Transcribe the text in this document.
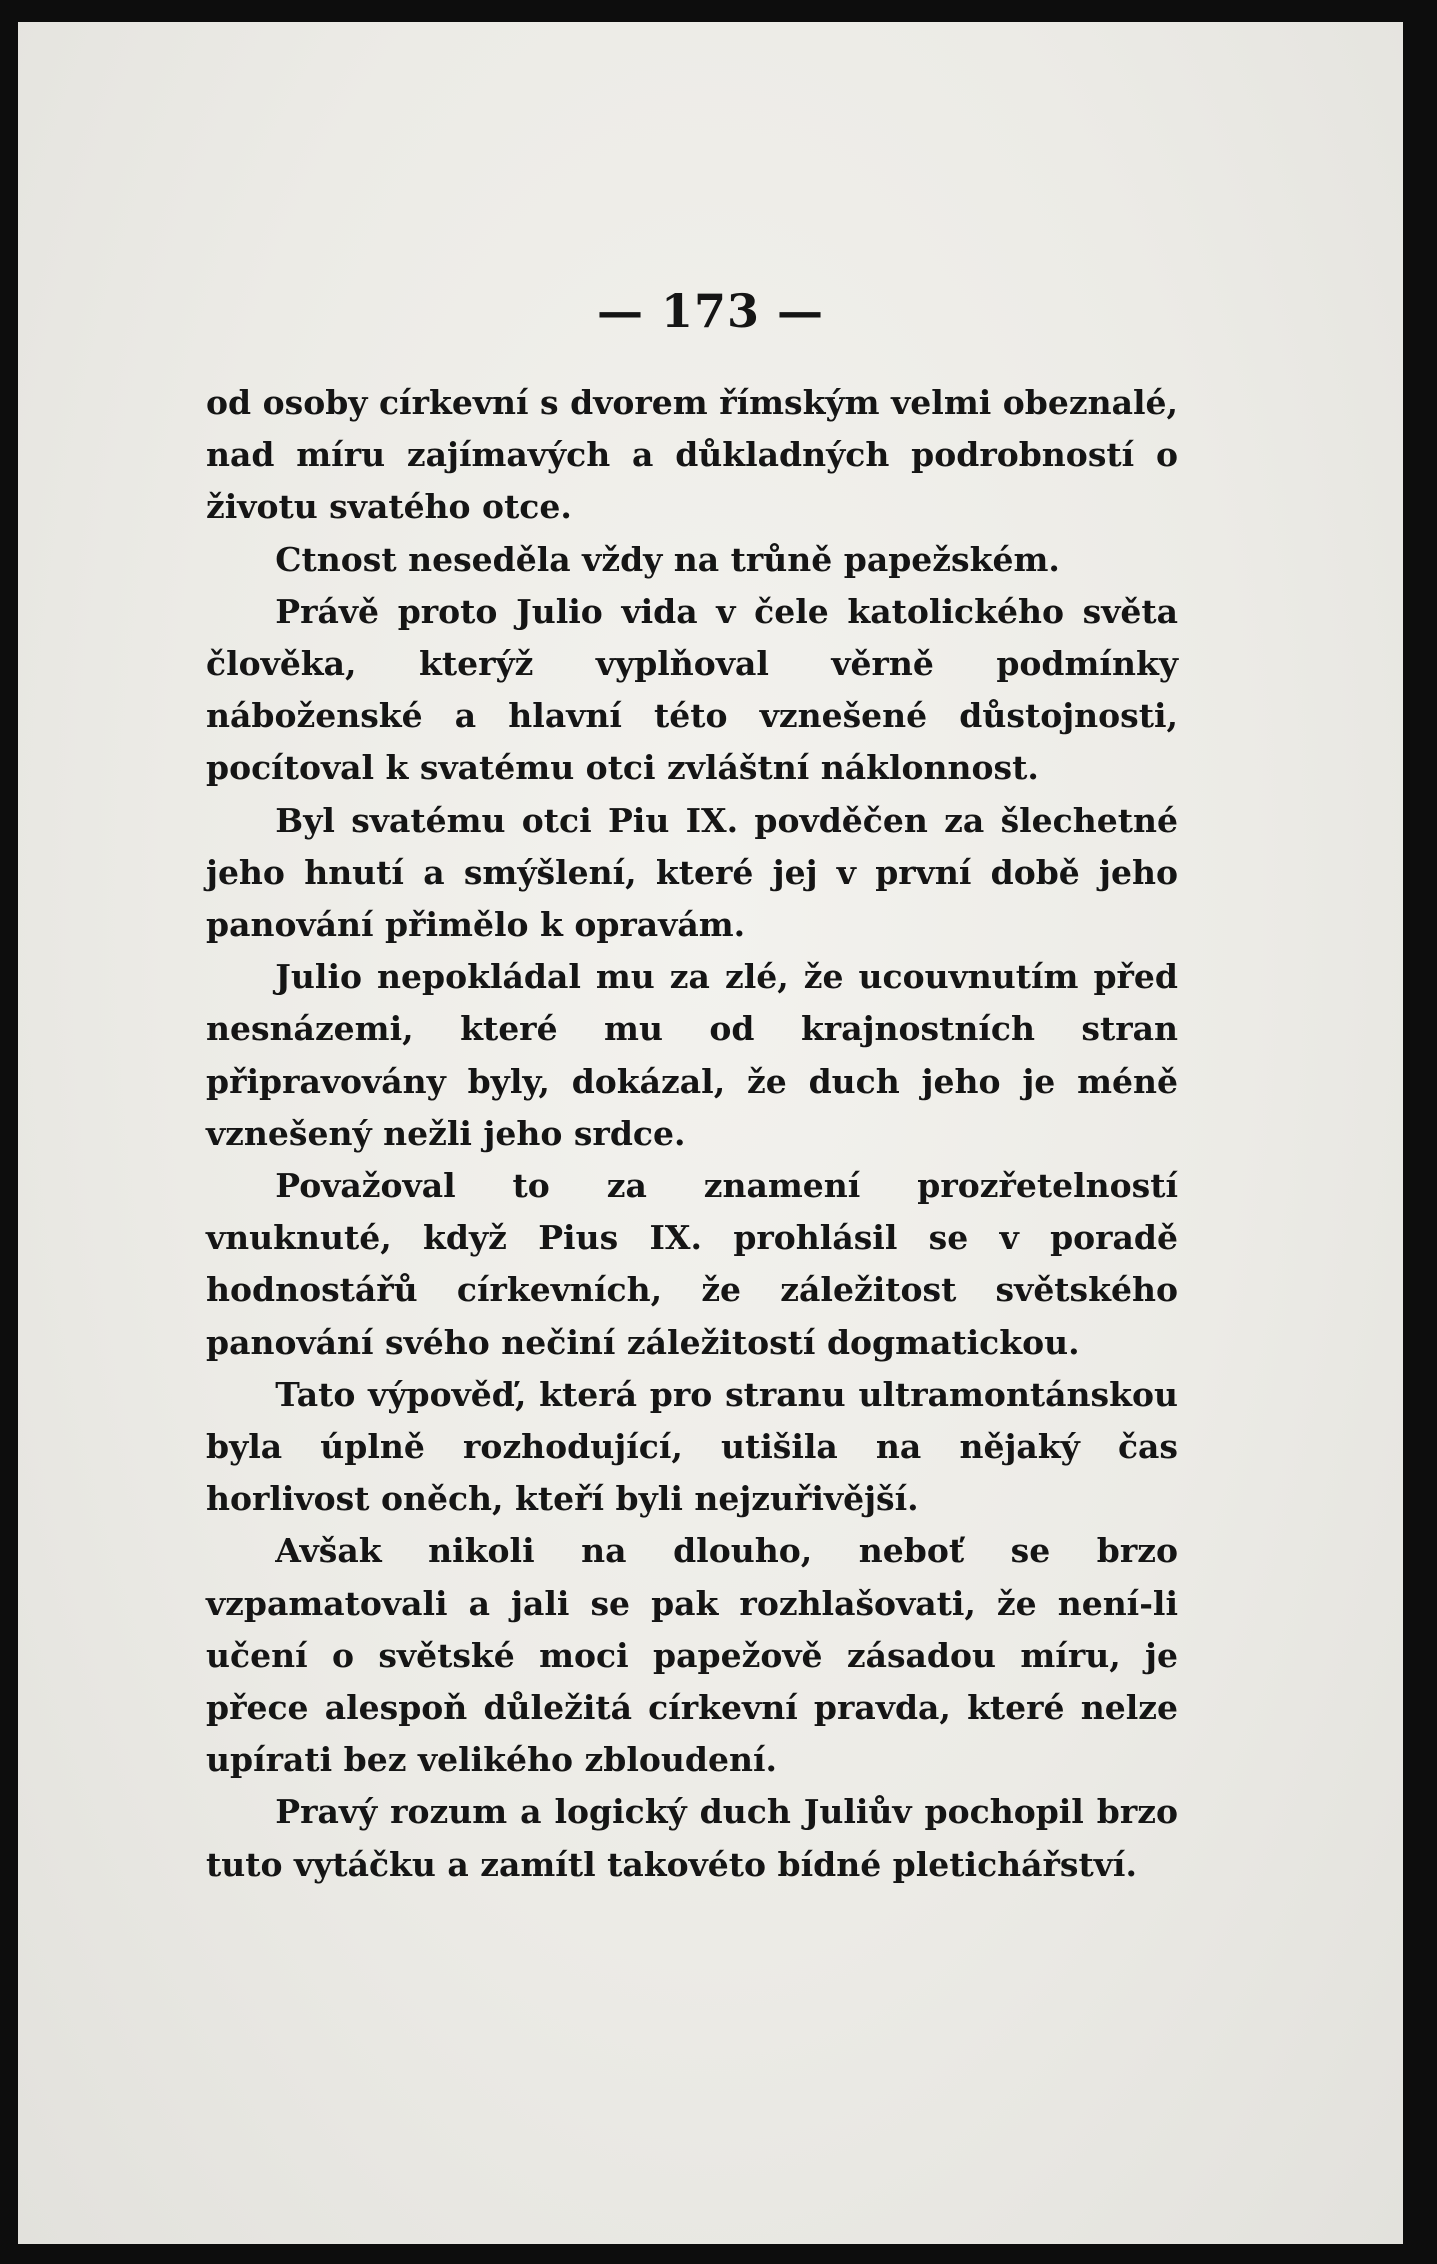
— 173 —

od osoby církevní s dvorem římským velmi obeznalé, nad míru zajímavých a důkladných podrobností o životu svatého otce.

Ctnost neseděla vždy na trůně papežském.

Právě proto Julio vida v čele katolického světa člověka, kterýž vyplňoval věrně podmínky náboženské a hlavní této vznešené důstojnosti, pocítoval k svatému otci zvláštní náklonnost.

Byl svatému otci Piu IX. povděčen za šlechetné jeho hnutí a smýšlení, které jej v první době jeho panování přimělo k opravám.

Julio nepokládal mu za zlé, že ucouvnutím před nesnázemi, které mu od krajnostních stran připravovány byly, dokázal, že duch jeho je méně vznešený nežli jeho srdce.

Považoval to za znamení prozřetelností vnuknuté, když Pius IX. prohlásil se v poradě hodnostářů církevních, že záležitost světského panování svého nečiní záležitostí dogmatickou.

Tato výpověď, která pro stranu ultramontánskou byla úplně rozhodující, utišila na nějaký čas horlivost oněch, kteří byli nejzuřivější.

Avšak nikoli na dlouho, neboť se brzo vzpamatovali a jali se pak rozhlašovati, že není-li učení o světské moci papežově zásadou míru, je přece alespoň důležitá církevní pravda, které nelze upírati bez velikého zbloudení.

Pravý rozum a logický duch Juliův pochopil brzo tuto vytáčku a zamítl takovéto bídné pletichářství.
